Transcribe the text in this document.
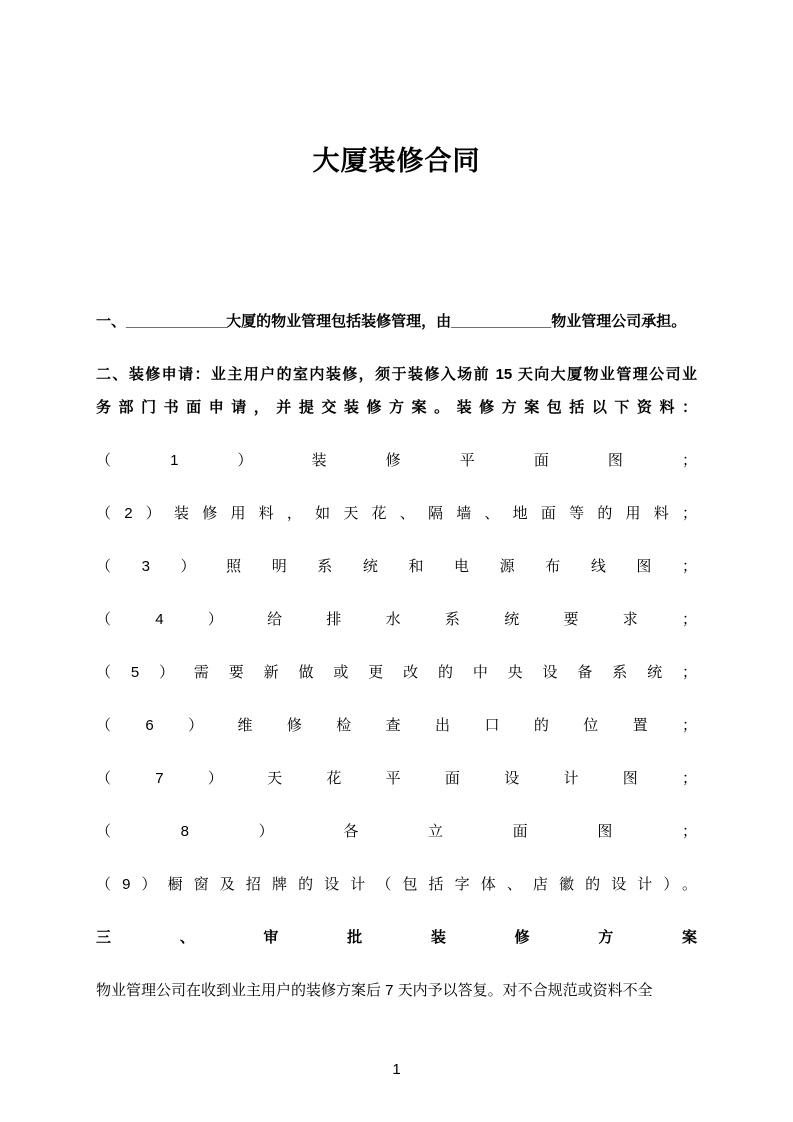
大厦装修合同
一、____________大厦的物业管理包括装修管理，由____________物业管理公司承担。
二、装修申请：业主用户的室内装修，须于装修入场前 15 天向大厦物业管理公司业
务部门书面申请，并提交装修方案。装修方案包括以下资料：
（1）装修平面图；
（2）装修用料，如天花、隔墙、地面等的用料；
（3）照明系统和电源布线图；
（4）给排水系统要求；
（5）需要新做或更改的中央设备系统；
（6）维修检查出口的位置；
（7）天花平面设计图；
（8）各立面图；
（9）橱窗及招牌的设计（包括字体、店徽的设计）。
三、审批装修方案
物业管理公司在收到业主用户的装修方案后 7 天内予以答复。对不合规范或资料不全
1
